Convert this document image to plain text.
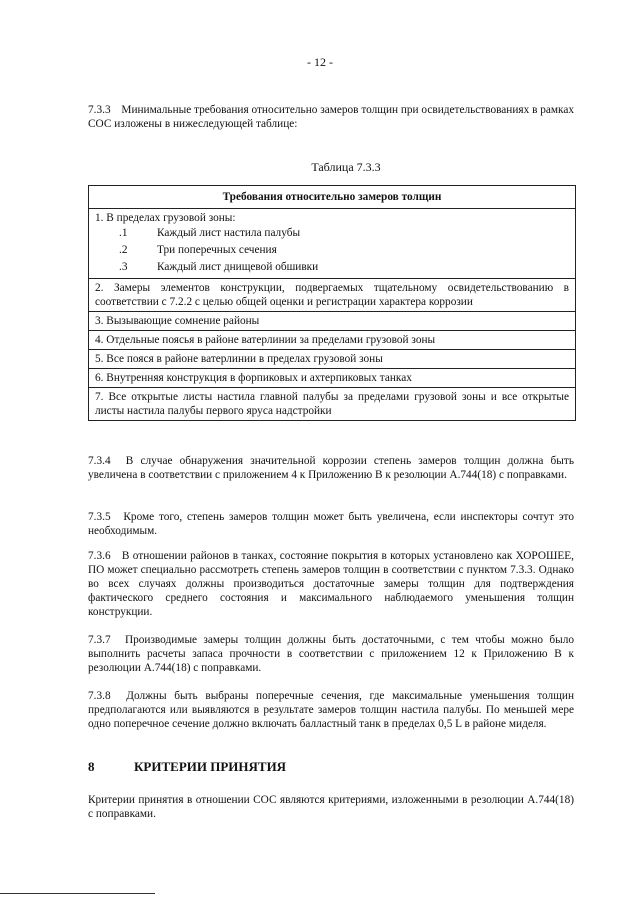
- 12 -
7.3.3 Минимальные требования относительно замеров толщин при освидетельствованиях в рамках СОС изложены в нижеследующей таблице:
Таблица 7.3.3
Требования относительно замеров толщин

1. В пределах грузовой зоны:
.1	Каждый лист настила палубы
.2	Три поперечных сечения
.3	Каждый лист днищевой обшивки

2. Замеры элементов конструкции, подвергаемых тщательному освидетельствованию в соответствии с 7.2.2 с целью общей оценки и регистрации характера коррозии
3. Вызывающие сомнение районы
4. Отдельные поясья в районе ватерлинии за пределами грузовой зоны
5. Все пояся в районе ватерлинии в пределах грузовой зоны
6. Внутренняя конструкция в форпиковых и ахтерпиковых танках
7. Все открытые листы настила главной палубы за пределами грузовой зоны и все открытые листы настила палубы первого яруса надстройки
7.3.4 В случае обнаружения значительной коррозии степень замеров толщин должна быть увеличена в соответствии с приложением 4 к Приложению В к резолюции А.744(18) с поправками.
7.3.5 Кроме того, степень замеров толщин может быть увеличена, если инспекторы сочтут это необходимым.
7.3.6 В отношении районов в танках, состояние покрытия в которых установлено как ХОРОШЕЕ, ПО может специально рассмотреть степень замеров толщин в соответствии с пунктом 7.3.3. Однако во всех случаях должны производиться достаточные замеры толщин для подтверждения фактического среднего состояния и максимального наблюдаемого уменьшения толщин конструкции.
7.3.7 Производимые замеры толщин должны быть достаточными, с тем чтобы можно было выполнить расчеты запаса прочности в соответствии с приложением 12 к Приложению В к резолюции А.744(18) с поправками.
7.3.8 Должны быть выбраны поперечные сечения, где максимальные уменьшения толщин предполагаются или выявляются в результате замеров толщин настила палубы. По меньшей мере одно поперечное сечение должно включать балластный танк в пределах 0,5 L в районе миделя.
8	КРИТЕРИИ ПРИНЯТИЯ
Критерии принятия в отношении СОС являются критериями, изложенными в резолюции А.744(18) с поправками.
